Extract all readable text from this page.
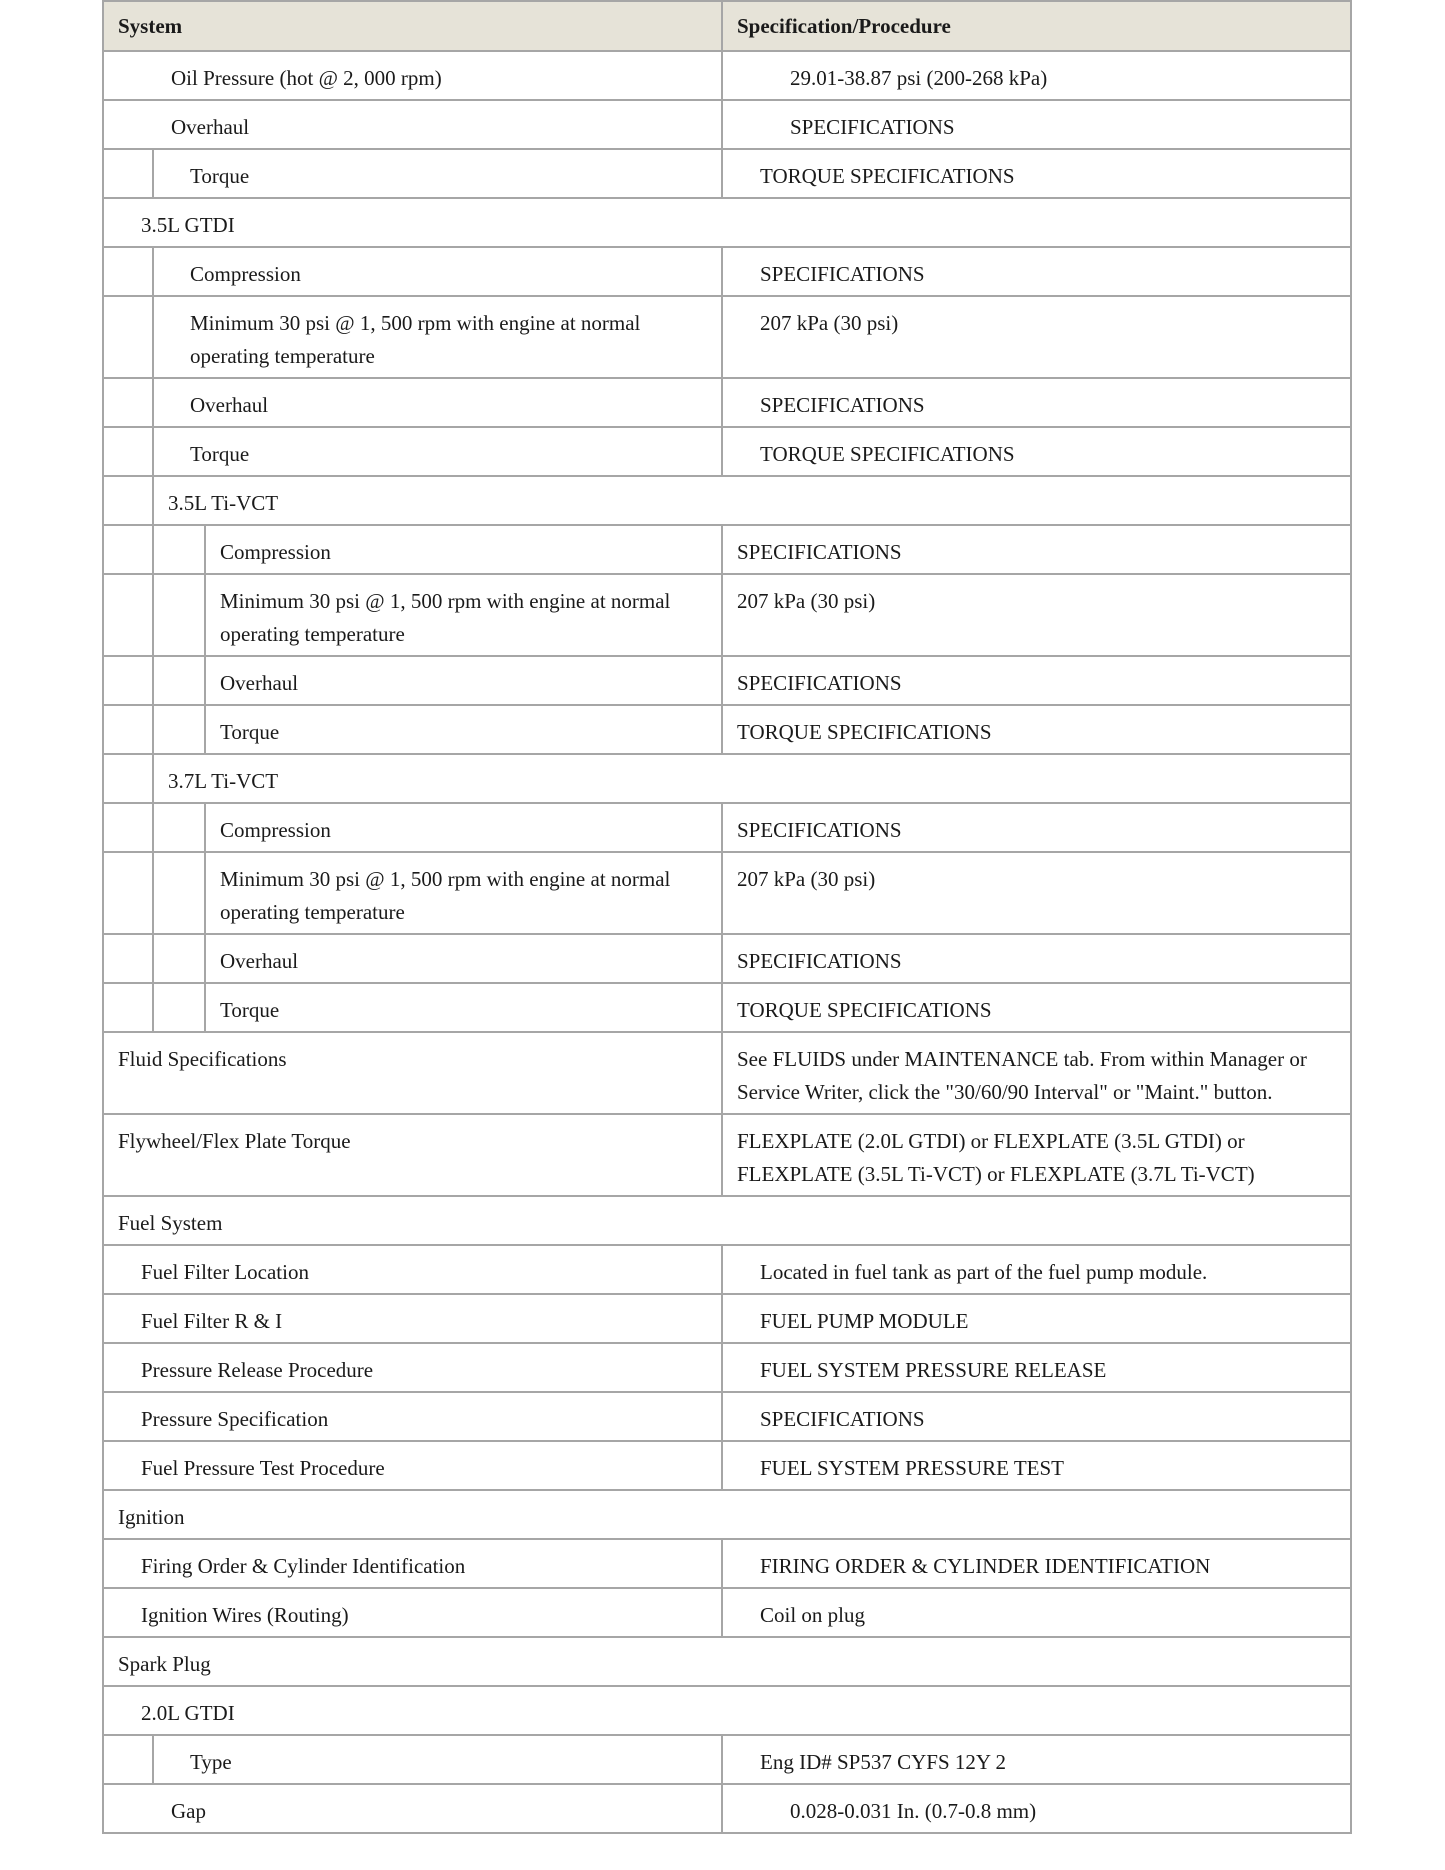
System			Specification/Procedure

Oil Pressure (hot @ 2, 000 rpm)			29.01-38.87 psi (200-268 kPa)

Overhaul			SPECIFICATIONS

	Torque		TORQUE SPECIFICATIONS

3.5L GTDI			

	Compression		SPECIFICATIONS

	Minimum 30 psi @ 1, 500 rpm with engine at normal operating temperature		207 kPa (30 psi)

	Overhaul		SPECIFICATIONS

	Torque		TORQUE SPECIFICATIONS

	3.5L Ti-VCT		

		Compression	SPECIFICATIONS

		Minimum 30 psi @ 1, 500 rpm with engine at normal operating temperature	207 kPa (30 psi)

		Overhaul	SPECIFICATIONS

		Torque	TORQUE SPECIFICATIONS

	3.7L Ti-VCT		

		Compression	SPECIFICATIONS

		Minimum 30 psi @ 1, 500 rpm with engine at normal operating temperature	207 kPa (30 psi)

		Overhaul	SPECIFICATIONS

		Torque	TORQUE SPECIFICATIONS

Fluid Specifications			See FLUIDS under MAINTENANCE tab. From within Manager or Service Writer, click the "30/60/90 Interval" or "Maint." button.

Flywheel/Flex Plate Torque			FLEXPLATE (2.0L GTDI) or FLEXPLATE (3.5L GTDI) or FLEXPLATE (3.5L Ti-VCT) or FLEXPLATE (3.7L Ti-VCT)

Fuel System			

Fuel Filter Location			Located in fuel tank as part of the fuel pump module.

Fuel Filter R & I			FUEL PUMP MODULE

Pressure Release Procedure			FUEL SYSTEM PRESSURE RELEASE

Pressure Specification			SPECIFICATIONS

Fuel Pressure Test Procedure			FUEL SYSTEM PRESSURE TEST

Ignition			

Firing Order & Cylinder Identification			FIRING ORDER & CYLINDER IDENTIFICATION

Ignition Wires (Routing)			Coil on plug

Spark Plug			

2.0L GTDI			

	Type		Eng ID# SP537 CYFS 12Y 2

Gap			0.028-0.031 In. (0.7-0.8 mm)
